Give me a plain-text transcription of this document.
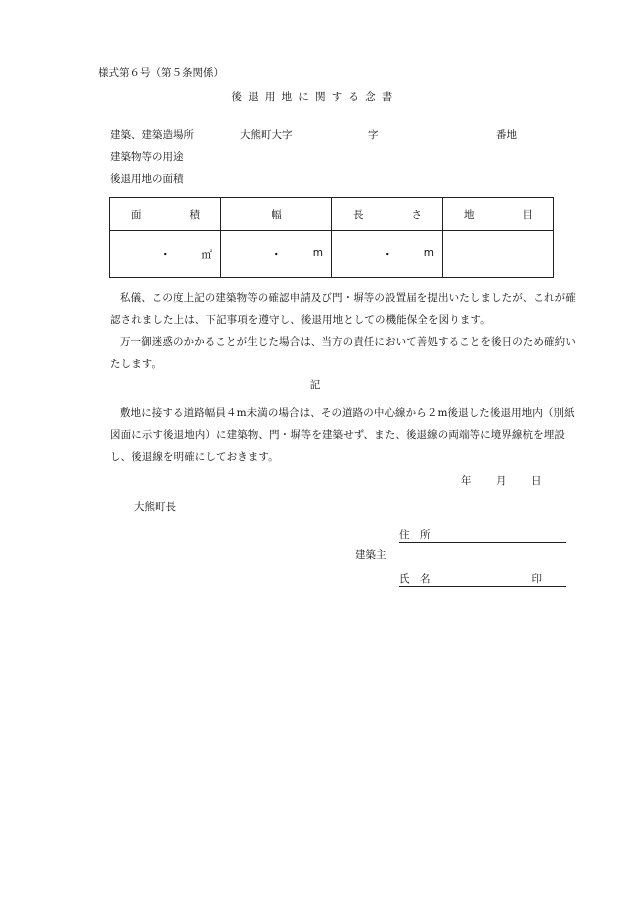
様式第６号（第５条関係）
後退用地に関する念書
建築、建築造場所	大熊町大字	字	番地
建築物等の用途
後退用地の面積
面 積	幅	長 さ	地 目

・ ㎡	・ m	・ m	

私儀、この度上記の建築物等の確認申請及び門・塀等の設置届を提出いたしましたが、これが確認されました上は、下記事項を遵守し、後退用地としての機能保全を図ります。

万一御迷惑のかかることが生じた場合は、当方の責任において善処することを後日のため確約いたします。

記

敷地に接する道路幅員４m未満の場合は、その道路の中心線から２m後退した後退用地内（別紙図面に示す後退地内）に建築物、門・塀等を建築せず、また、後退線の両端等に境界線杭を埋設し、後退線を明確にしておきます。

年 月 日
大熊町長
建築主
住　所
氏　名	印
